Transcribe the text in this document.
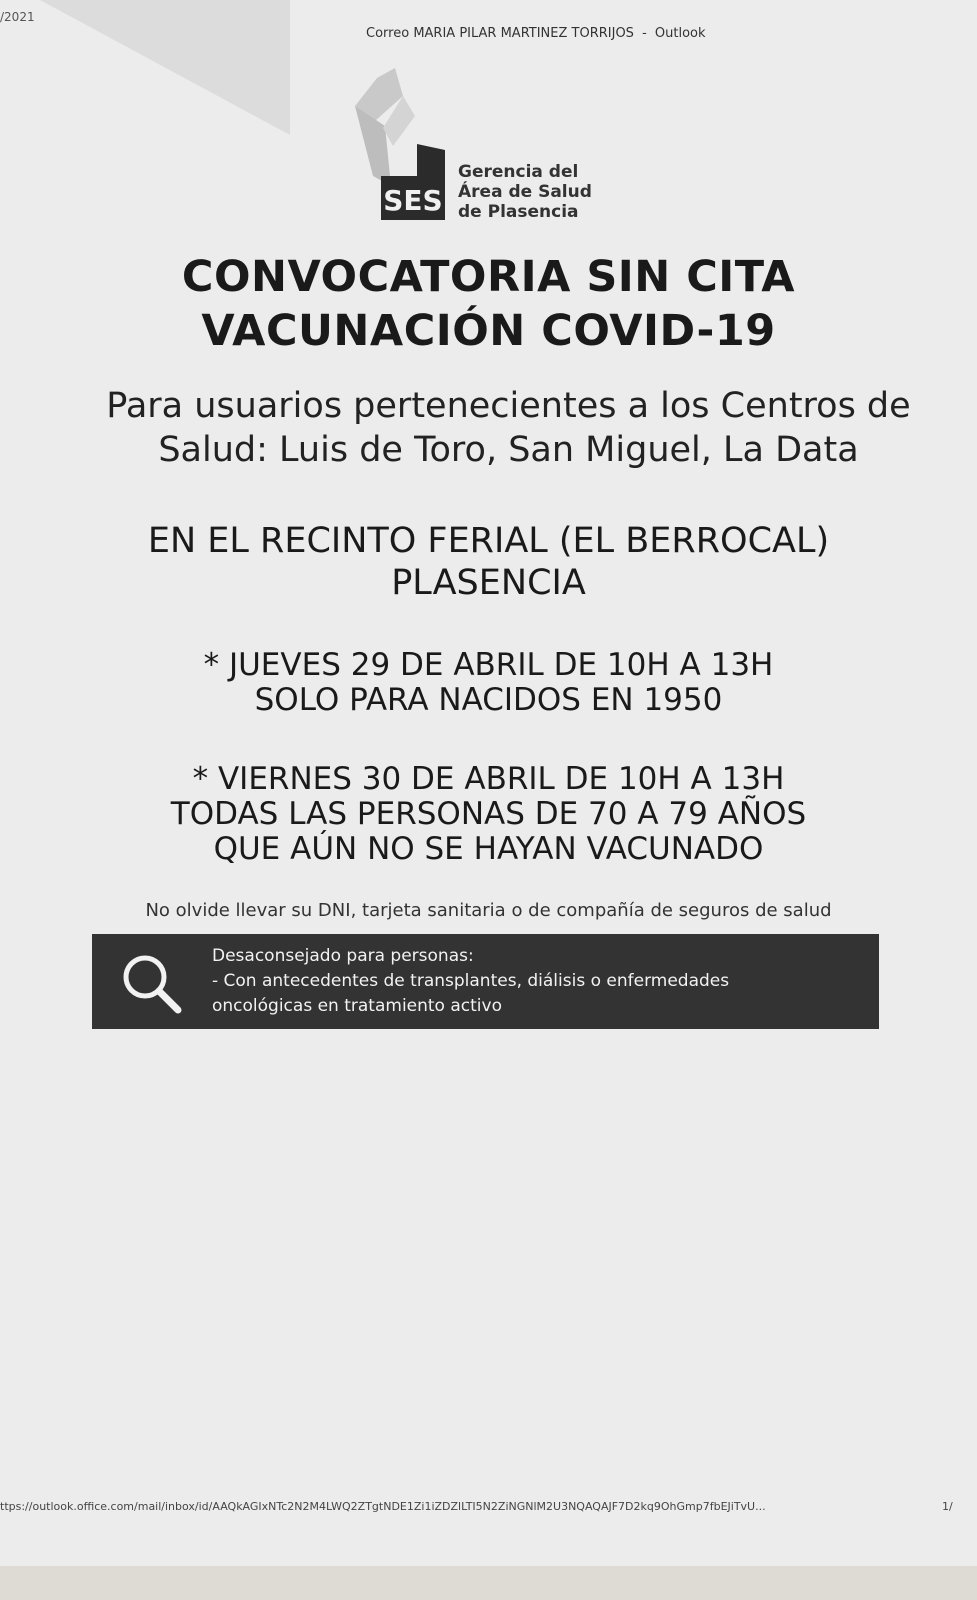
/2021
Correo MARIA PILAR MARTINEZ TORRIJOS - Outlook
SES
Gerencia del
Área de Salud
de Plasencia
CONVOCATORIA SIN CITA
VACUNACIÓN COVID-19
Para usuarios pertenecientes a los Centros de
Salud: Luis de Toro, San Miguel, La Data
EN EL RECINTO FERIAL (EL BERROCAL)
PLASENCIA
* JUEVES 29 DE ABRIL DE 10H A 13H
SOLO PARA NACIDOS EN 1950
* VIERNES 30 DE ABRIL DE 10H A 13H
TODAS LAS PERSONAS DE 70 A 79 AÑOS
QUE AÚN NO SE HAYAN VACUNADO
No olvide llevar su DNI, tarjeta sanitaria o de compañía de seguros de salud
Desaconsejado para personas:
- Con antecedentes de transplantes, diálisis o enfermedades
oncológicas en tratamiento activo
ttps://outlook.office.com/mail/inbox/id/AAQkAGIxNTc2N2M4LWQ2ZTgtNDE1Zi1iZDZlLTI5N2ZiNGNlM2U3NQAQAJF7D2kq9OhGmp7fbEJiTvU...	1/
